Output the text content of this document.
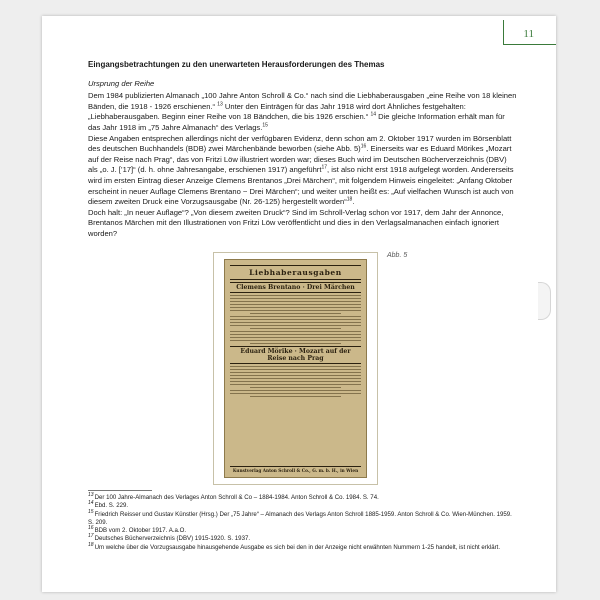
11

Eingangsbetrachtungen zu den unerwarteten Herausforderungen des Themas

Ursprung der Reihe

Dem 1984 publizierten Almanach „100 Jahre Anton Schroll & Co.“ nach sind die Liebhaberausgaben „eine Reihe von 18 kleinen Bänden, die 1918 - 1926 erschienen.“ $^{13}$ Unter den Einträgen für das Jahr 1918 wird dort Ähnliches festgehalten: „Liebhaberausgaben. Beginn einer Reihe von 18 Bändchen, die bis 1926 erschien.“ $^{14}$ Die gleiche Information erhält man für das Jahr 1918 im „75 Jahre Almanach“ des Verlags.$^{15}$

Diese Angaben entsprechen allerdings nicht der verfügbaren Evidenz, denn schon am 2. Oktober 1917 wurden im Börsenblatt des deutschen Buchhandels (BDB) zwei Märchenbände beworben (siehe Abb. 5)$^{16}$. Einerseits war es Eduard Mörikes „Mozart auf der Reise nach Prag“, das von Fritzi Löw illustriert worden war; dieses Buch wird im Deutschen Bücherverzeichnis (DBV) als „o. J. [’17]“ (d. h. ohne Jahresangabe, erschienen 1917) angeführt$^{17}$, ist also nicht erst 1918 aufgelegt worden. Andererseits wird im ersten Eintrag dieser Anzeige Clemens Brentanos „Drei Märchen“, mit folgendem Hinweis eingeleitet: „Anfang Oktober erscheint in neuer Auflage Clemens Brentano ~ Drei Märchen“; und weiter unten heißt es: „Auf vielfachen Wunsch ist auch von diesem zweiten Druck eine Vorzugsausgabe (Nr. 26-125) hergestellt worden“$^{18}$.

Doch halt: „In neuer Auflage“? „Von diesem zweiten Druck“? Sind im Schroll-Verlag schon vor 1917, dem Jahr der Annonce, Brentanos Märchen mit den Illustrationen von Fritzi Löw veröffentlicht und dies in den Verlagsalmanachen einfach ignoriert worden?

Liebhaberausgaben
Clemens Brentano · Drei Märchen
Eduard Mörike · Mozart auf der Reise nach Prag
Kunstverlag Anton Schroll & Co., G. m. b. H., in Wien
Abb. 5

$^{13}$Der 100 Jahre-Almanach des Verlages Anton Schroll & Co – 1884-1984. Anton Schroll & Co. 1984. S. 74.

$^{14}$Ebd. S. 229.

$^{15}$Friedrich Reisser und Gustav Künstler (Hrsg.) Der „75 Jahre“ – Almanach des Verlags Anton Schroll 1885-1959. Anton Schroll & Co. Wien-München. 1959. S. 209.

$^{16}$BDB vom 2. Oktober 1917. A.a.O.

$^{17}$Deutsches Bücherverzeichnis (DBV) 1915-1920. S. 1937.

$^{18}$Um welche über die Vorzugsausgabe hinausgehende Ausgabe es sich bei den in der Anzeige nicht erwähnten Nummern 1-25 handelt, ist nicht erklärt.
